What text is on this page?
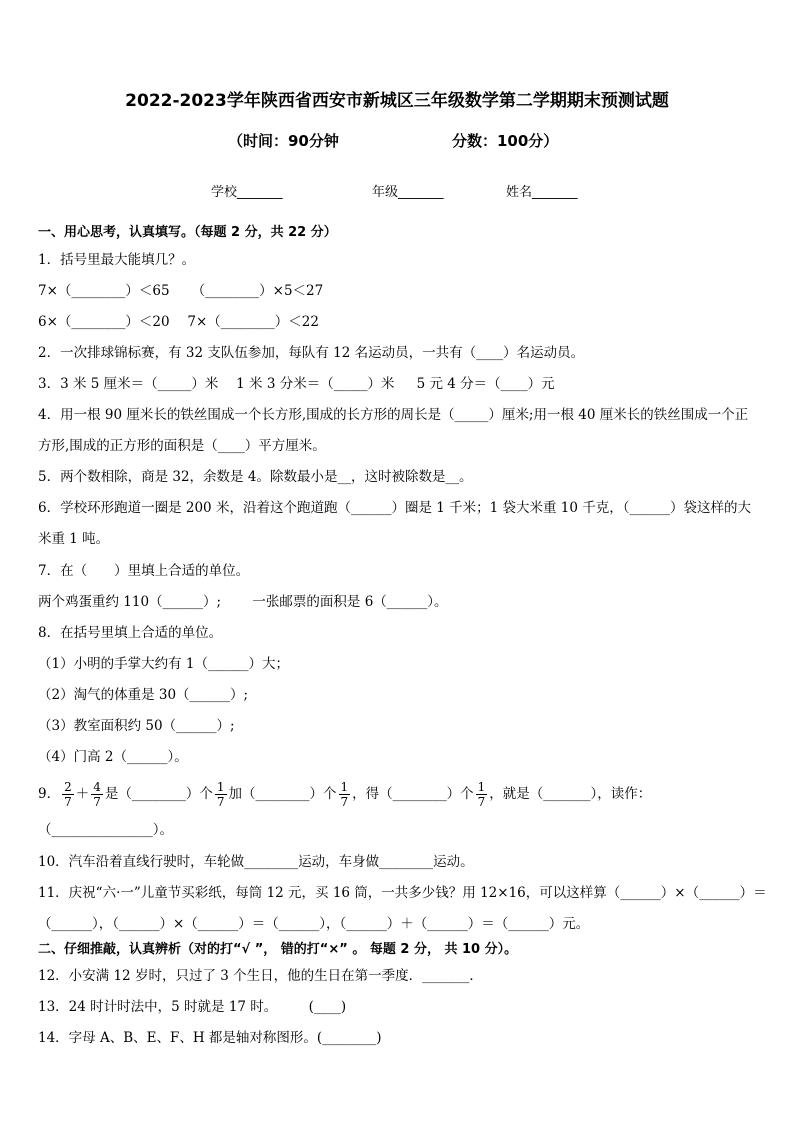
2022-2023学年陕西省西安市新城区三年级数学第二学期期末预测试题
（时间：90分钟	分数：100分）
学校_______	年级_______	姓名_______
一、用心思考，认真填写。（每题 2 分，共 22 分）
1．括号里最大能填几？。
7×（________）＜65 　 （________）×5＜27
6×（________）＜20 　7×（________）＜22
2．一次排球锦标赛，有 32 支队伍参加，每队有 12 名运动员，一共有（____）名运动员。
3．3 米 5 厘米＝（_____）米 　1 米 3 分米＝（_____）米 　 5 元 4 分＝（____）元
4．用一根 90 厘米长的铁丝围成一个长方形,围成的长方形的周长是（_____）厘米;用一根 40 厘米长的铁丝围成一个正
方形,围成的正方形的面积是（____）平方厘米。
5．两个数相除，商是 32，余数是 4。除数最小是__，这时被除数是__。
6．学校环形跑道一圈是 200 米，沿着这个跑道跑（______）圈是 1 千米；1 袋大米重 10 千克，（______）袋这样的大
米重 1 吨。
7．在（　　）里填上合适的单位。
两个鸡蛋重约 110（______）; 　　一张邮票的面积是 6（______）。
8．在括号里填上合适的单位。
（1）小明的手掌大约有 1（______）大；
（2）淘气的体重是 30（______）;
（3）教室面积约 50（______）;
（4）门高 2（______）。
9． $\frac{2}{7} + \frac{4}{7}$ 是（________）个 $\frac{1}{7}$ 加（________）个 $\frac{1}{7}$ ，得（________）个 $\frac{1}{7}$ ，就是（_______），读作：
（_______________）。
10．汽车沿着直线行驶时，车轮做________运动，车身做________运动。
11．庆祝“六·一”儿童节买彩纸，每筒 12 元，买 16 筒，一共多少钱？用 12×16，可以这样算（______）×（______）＝
（______），（______）×（______）＝（______），（______）＋（______）＝（______）元。
二、仔细推敲，认真辨析（对的打“√ ”， 错的打“×” 。 每题 2 分， 共 10 分）。
12．小安满 12 岁时，只过了 3 个生日，他的生日在第一季度．_______．
13．24 时计时法中，5 时就是 17 时。 　　(____)
14．字母 A、B、E、F、H 都是轴对称图形。(________)
